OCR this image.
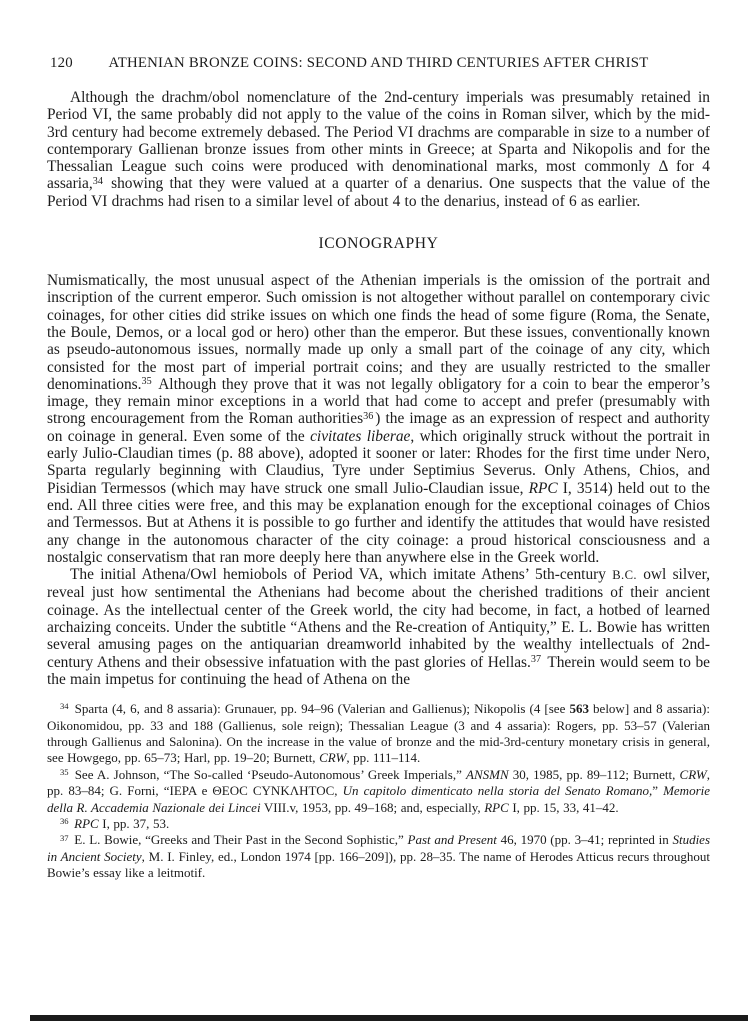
120	ATHENIAN BRONZE COINS: SECOND AND THIRD CENTURIES AFTER CHRIST

Although the drachm/obol nomenclature of the 2nd-century imperials was presumably retained in Period VI, the same probably did not apply to the value of the coins in Roman silver, which by the mid-3rd century had become extremely debased. The Period VI drachms are comparable in size to a number of contemporary Gallienan bronze issues from other mints in Greece; at Sparta and Nikopolis and for the Thessalian League such coins were produced with denominational marks, most commonly Δ for 4 assaria,$^{34}$ showing that they were valued at a quarter of a denarius. One suspects that the value of the Period VI drachms had risen to a similar level of about 4 to the denarius, instead of 6 as earlier.

ICONOGRAPHY

Numismatically, the most unusual aspect of the Athenian imperials is the omission of the portrait and inscription of the current emperor. Such omission is not altogether without parallel on contemporary civic coinages, for other cities did strike issues on which one finds the head of some figure (Roma, the Senate, the Boule, Demos, or a local god or hero) other than the emperor. But these issues, conventionally known as pseudo-autonomous issues, normally made up only a small part of the coinage of any city, which consisted for the most part of imperial portrait coins; and they are usually restricted to the smaller denominations.$^{35}$ Although they prove that it was not legally obligatory for a coin to bear the emperor’s image, they remain minor exceptions in a world that had come to accept and prefer (presumably with strong encouragement from the Roman authorities$^{36}$ ) the image as an expression of respect and authority on coinage in general. Even some of the civitates liberae, which originally struck without the portrait in early Julio-Claudian times (p. 88 above), adopted it sooner or later: Rhodes for the first time under Nero, Sparta regularly beginning with Claudius, Tyre under Septimius Severus. Only Athens, Chios, and Pisidian Termessos (which may have struck one small Julio-Claudian issue, RPC I, 3514) held out to the end. All three cities were free, and this may be explanation enough for the exceptional coinages of Chios and Termessos. But at Athens it is possible to go further and identify the attitudes that would have resisted any change in the autonomous character of the city coinage: a proud historical consciousness and a nostalgic conservatism that ran more deeply here than anywhere else in the Greek world.

The initial Athena/Owl hemiobols of Period VA, which imitate Athens’ 5th-century B.C. owl silver, reveal just how sentimental the Athenians had become about the cherished traditions of their ancient coinage. As the intellectual center of the Greek world, the city had become, in fact, a hotbed of learned archaizing conceits. Under the subtitle “Athens and the Re-creation of Antiquity,” E. L. Bowie has written several amusing pages on the antiquarian dreamworld inhabited by the wealthy intellectuals of 2nd-century Athens and their obsessive infatuation with the past glories of Hellas.$^{37}$ Therein would seem to be the main impetus for continuing the head of Athena on the

$^{34}$ Sparta (4, 6, and 8 assaria): Grunauer, pp. 94–96 (Valerian and Gallienus); Nikopolis (4 [see 563 below] and 8 assaria): Oikonomidou, pp. 33 and 188 (Gallienus, sole reign); Thessalian League (3 and 4 assaria): Rogers, pp. 53–57 (Valerian through Gallienus and Salonina). On the increase in the value of bronze and the mid-3rd-century monetary crisis in general, see Howgego, pp. 65–73; Harl, pp. 19–20; Burnett, CRW, pp. 111–114.

$^{35}$ See A. Johnson, “The So-called ‘Pseudo-Autonomous’ Greek Imperials,” ANSMN 30, 1985, pp. 89–112; Burnett, CRW, pp. 83–84; G. Forni, “ΙΕΡΑ e ΘΕΟC CΥΝΚΛΗΤΟC, Un capitolo dimenticato nella storia del Senato Romano,” Memorie della R. Accademia Nazionale dei Lincei VIII.v, 1953, pp. 49–168; and, especially, RPC I, pp. 15, 33, 41–42.

$^{36}$ RPC I, pp. 37, 53.

$^{37}$ E. L. Bowie, “Greeks and Their Past in the Second Sophistic,” Past and Present 46, 1970 (pp. 3–41; reprinted in Studies in Ancient Society, M. I. Finley, ed., London 1974 [pp. 166–209]), pp. 28–35. The name of Herodes Atticus recurs throughout Bowie’s essay like a leitmotif.
